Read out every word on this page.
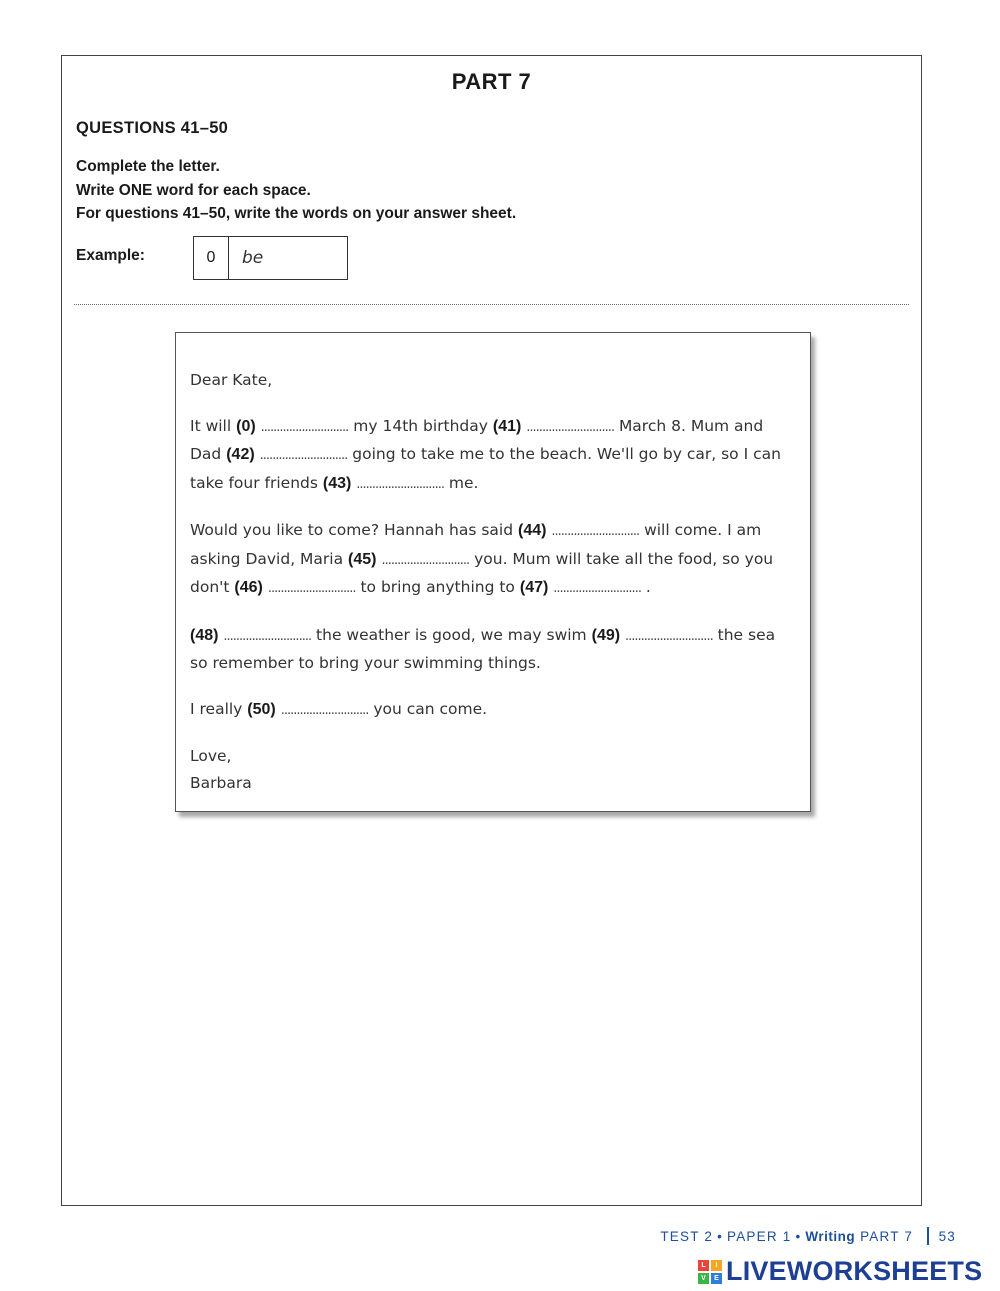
PART 7
QUESTIONS 41–50
Complete the letter.
Write ONE word for each space.
For questions 41–50, write the words on your answer sheet.
Example:	0	be

Dear Kate,

It will (0) ............................ my 14th birthday (41) ............................ March 8. Mum and Dad (42) ............................ going to take me to the beach. We'll go by car, so I can take four friends (43) ............................ me.

Would you like to come? Hannah has said (44) ............................ will come. I am asking David, Maria (45) ............................ you. Mum will take all the food, so you don't (46) ............................ to bring anything to (47) ............................ .

(48) ............................ the weather is good, we may swim (49) ............................ the sea so remember to bring your swimming things.

I really (50) ............................ you can come.

Love,
Barbara
TEST 2 • PAPER 1 • Writing
PART 7 53
L	I
V	E LIVEWORKSHEETS
